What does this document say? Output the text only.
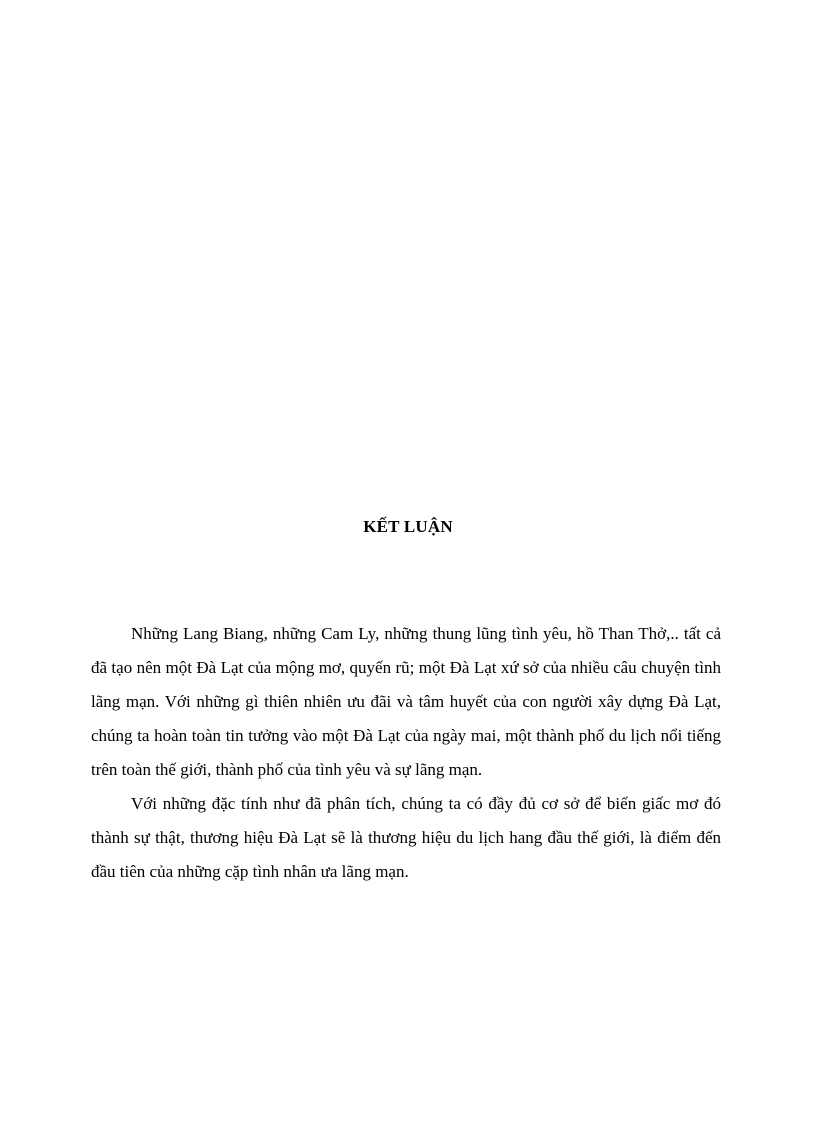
KẾT LUẬN

Những Lang Biang, những Cam Ly, những thung lũng tình yêu, hồ Than Thở,.. tất cả đã tạo nên một Đà Lạt của mộng mơ, quyến rũ; một Đà Lạt xứ sở của nhiều câu chuyện tình lãng mạn. Với những gì thiên nhiên ưu đãi và tâm huyết của con người xây dựng Đà Lạt, chúng ta hoàn toàn tin tưởng vào một Đà Lạt của ngày mai, một thành phố du lịch nổi tiếng trên toàn thế giới, thành phố của tình yêu và sự lãng mạn.

Với những đặc tính như đã phân tích, chúng ta có đầy đủ cơ sở để biến giấc mơ đó thành sự thật, thương hiệu Đà Lạt sẽ là thương hiệu du lịch hang đầu thế giới, là điểm đến đầu tiên của những cặp tình nhân ưa lãng mạn.
